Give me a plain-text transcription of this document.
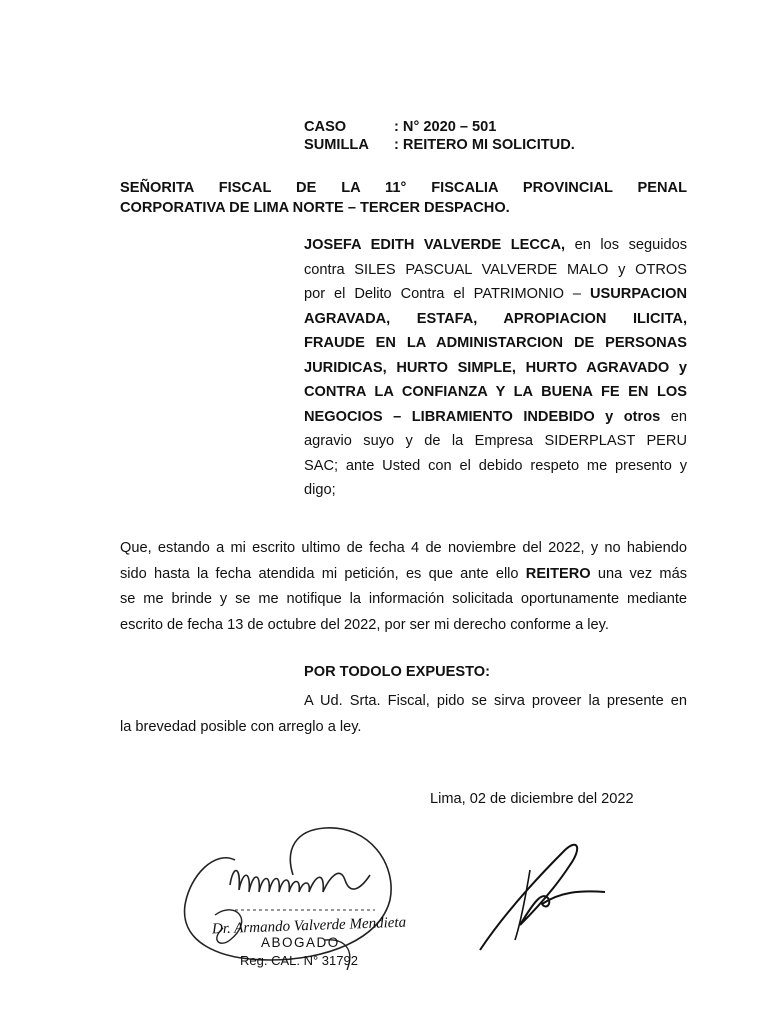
CASO	: N° 2020 – 501
SUMILLA : REITERO MI SOLICITUD.
SEÑORITA FISCAL DE LA 11° FISCALIA PROVINCIAL PENAL
CORPORATIVA DE LIMA NORTE – TERCER DESPACHO.
JOSEFA EDITH VALVERDE LECCA, en los seguidos
contra SILES PASCUAL VALVERDE MALO y OTROS
por el Delito Contra el PATRIMONIO – USURPACION
AGRAVADA, ESTAFA, APROPIACION ILICITA,
FRAUDE EN LA ADMINISTARCION DE PERSONAS
JURIDICAS, HURTO SIMPLE, HURTO AGRAVADO y
CONTRA LA CONFIANZA Y LA BUENA FE EN LOS
NEGOCIOS – LIBRAMIENTO INDEBIDO y otros en
agravio suyo y de la Empresa SIDERPLAST PERU
SAC; ante Usted con el debido respeto me presento y
digo;
Que, estando a mi escrito ultimo de fecha 4 de noviembre del 2022, y no habiendo
sido hasta la fecha atendida mi petición, es que ante ello REITERO una vez más
se me brinde y se me notifique la información solicitada oportunamente mediante
escrito de fecha 13 de octubre del 2022, por ser mi derecho conforme a ley.
POR TODOLO EXPUESTO:
A Ud. Srta. Fiscal, pido se sirva proveer la presente en
la brevedad posible con arreglo a ley.
Lima, 02 de diciembre del 2022
Dr. Armando Valverde Mendieta
ABOGADO
Reg. CAL. N° 31792
